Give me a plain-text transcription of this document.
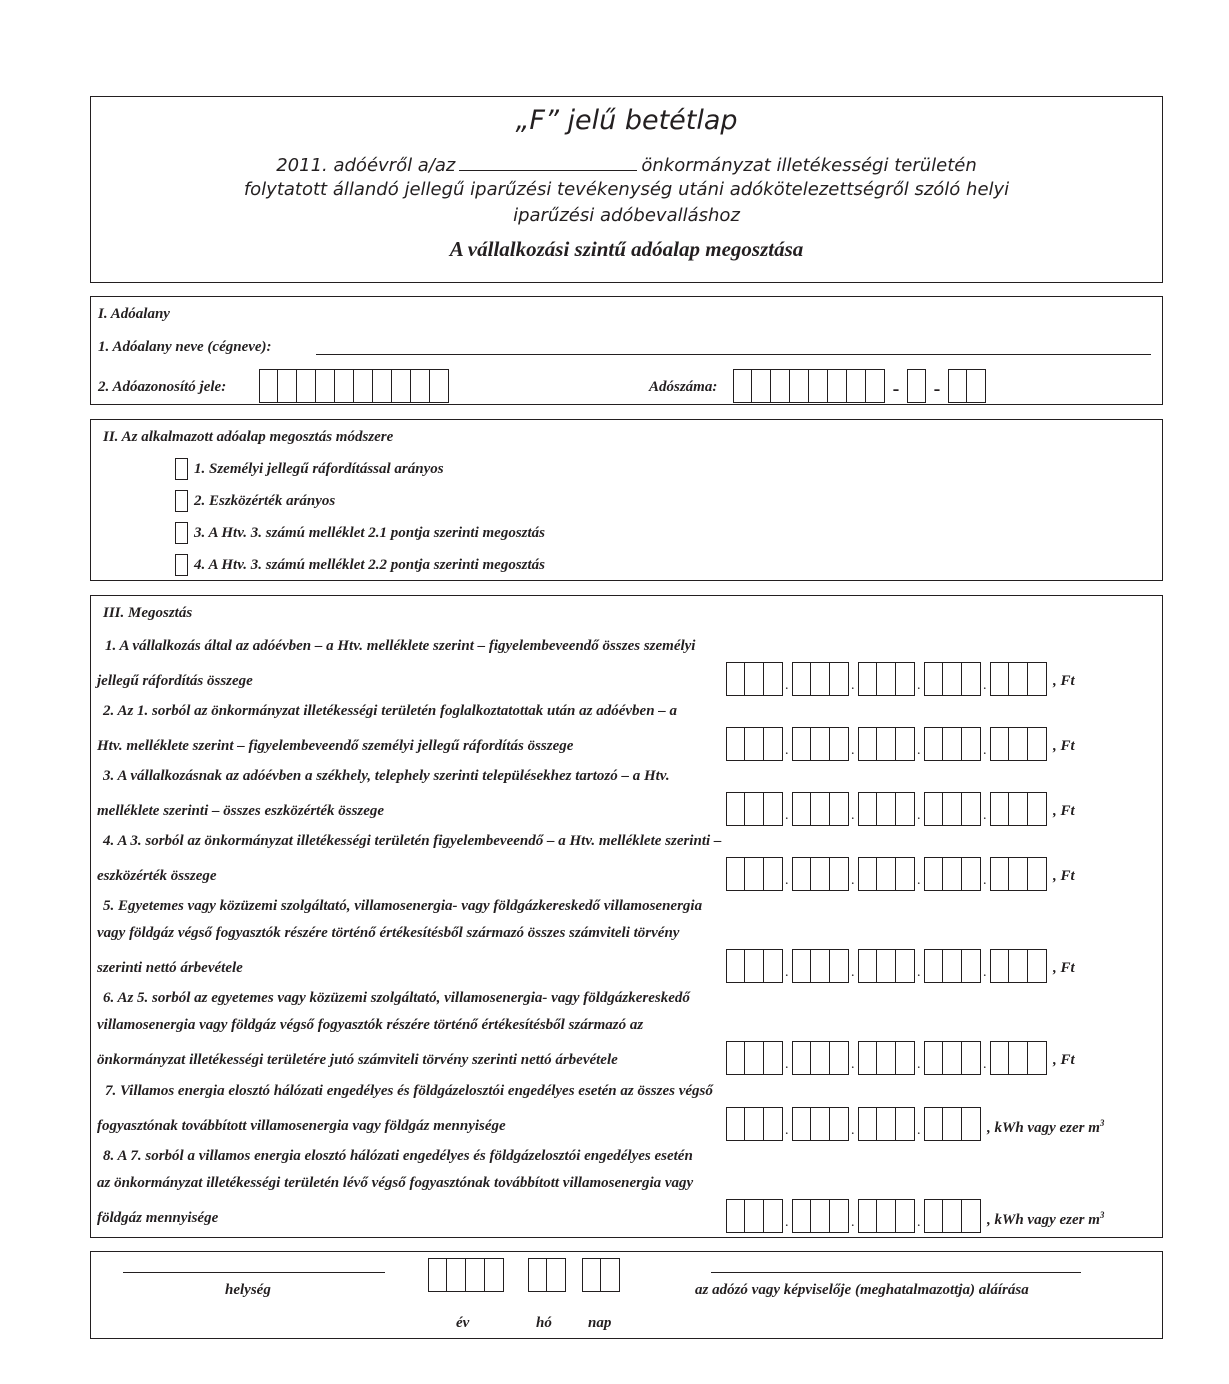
„F” jelű betétlap
2011. adóévről a/az	önkormányzat illetékességi területén
folytatott állandó jellegű iparűzési tevékenység utáni adókötelezettségről szóló helyi
iparűzési adóbevalláshoz
A vállalkozási szintű adóalap megosztása
I. Adóalany
1. Adóalany neve (cégneve):
2. Adóazonosító jele:	Adószáma:	-	-
II. Az alkalmazott adóalap megosztás módszere
1. Személyi jellegű ráfordítással arányos
2. Eszközérték arányos
3. A Htv. 3. számú melléklet 2.1 pontja szerinti megosztás
4. A Htv. 3. számú melléklet 2.2 pontja szerinti megosztás
III. Megosztás
1. A vállalkozás által az adóévben – a Htv. melléklete szerint – figyelembeveendő összes személyi
jellegű ráfordítás összege . . . .	, Ft
2. Az 1. sorból az önkormányzat illetékességi területén foglalkoztatottak után az adóévben – a
Htv. melléklete szerint – figyelembeveendő személyi jellegű ráfordítás összege . . . .	, Ft
3. A vállalkozásnak az adóévben a székhely, telephely szerinti településekhez tartozó – a Htv.
melléklete szerinti – összes eszközérték összege . . . .	, Ft
4. A 3. sorból az önkormányzat illetékességi területén figyelembeveendő – a Htv. melléklete szerinti –
eszközérték összege . . . .	, Ft
5. Egyetemes vagy közüzemi szolgáltató, villamosenergia- vagy földgázkereskedő villamosenergia
vagy földgáz végső fogyasztók részére történő értékesítésből származó összes számviteli törvény
szerinti nettó árbevétele . . . .	, Ft
6. Az 5. sorból az egyetemes vagy közüzemi szolgáltató, villamosenergia- vagy földgázkereskedő
villamosenergia vagy földgáz végső fogyasztók részére történő értékesítésből származó az
önkormányzat illetékességi területére jutó számviteli törvény szerinti nettó árbevétele . . . .	, Ft
7. Villamos energia elosztó hálózati engedélyes és földgázelosztói engedélyes esetén az összes végső
fogyasztónak továbbított villamosenergia vagy földgáz mennyisége . . .	, kWh vagy ezer $m^3$
8. A 7. sorból a villamos energia elosztó hálózati engedélyes és földgázelosztói engedélyes esetén
az önkormányzat illetékességi területén lévő végső fogyasztónak továbbított villamosenergia vagy
földgáz mennyisége . . .	, kWh vagy ezer $m^3$
helység
év	hó nap
az adózó vagy képviselője (meghatalmazottja) aláírása
